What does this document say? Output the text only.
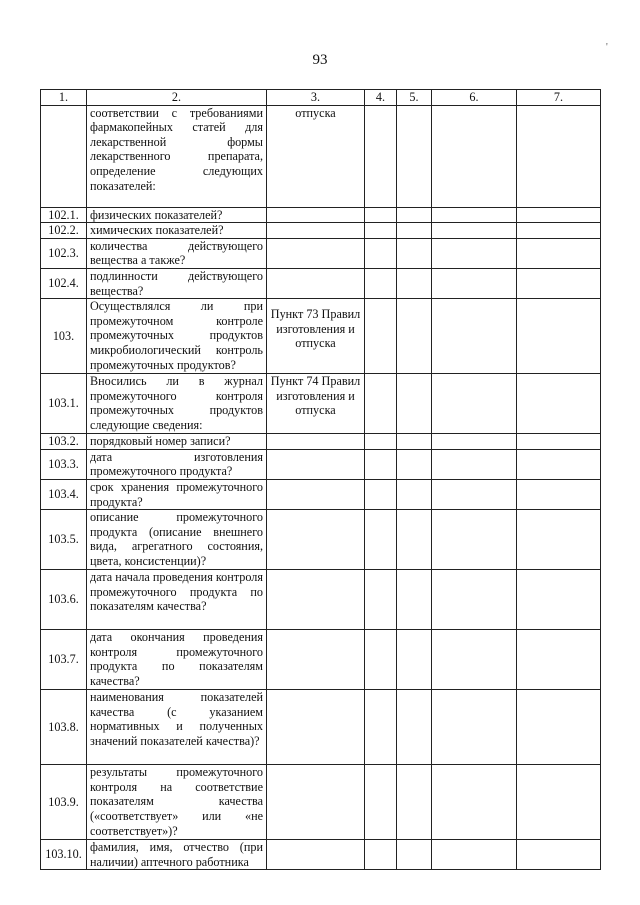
93
'
1.	2.	3.	4.	5.	6.	7.
	соответствии с требованиями фармакопейных статей для лекарственной формы лекарственного препарата, определение следующих показателей:	отпуска				
102.1.	физических показателей?					
102.2.	химических показателей?					
102.3.	количества действующего вещества а также?					
102.4.	подлинности действующего вещества?					
103.	Осуществлялся ли при промежуточном контроле промежуточных продуктов микробиологический контроль промежуточных продуктов?	Пункт 73 Правил изготовления и отпуска				
103.1.	Вносились ли в журнал промежуточного контроля промежуточных продуктов следующие сведения:	Пункт 74 Правил изготовления и отпуска				
103.2.	порядковый номер записи?					
103.3.	дата изготовления промежуточного продукта?					
103.4.	срок хранения промежуточного продукта?					
103.5.	описание промежуточного продукта (описание внешнего вида, агрегатного состояния, цвета, консистенции)?					
103.6.	дата начала проведения контроля промежуточного продукта по показателям качества?					
103.7.	дата окончания проведения контроля промежуточного продукта по показателям качества?					
103.8.	наименования показателей качества (с указанием нормативных и полученных значений показателей качества)?					
103.9.	результаты промежуточного контроля на соответствие показателям качества («соответствует» или «не соответствует»)?					
103.10.	фамилия, имя, отчество (при наличии) аптечного работника					
